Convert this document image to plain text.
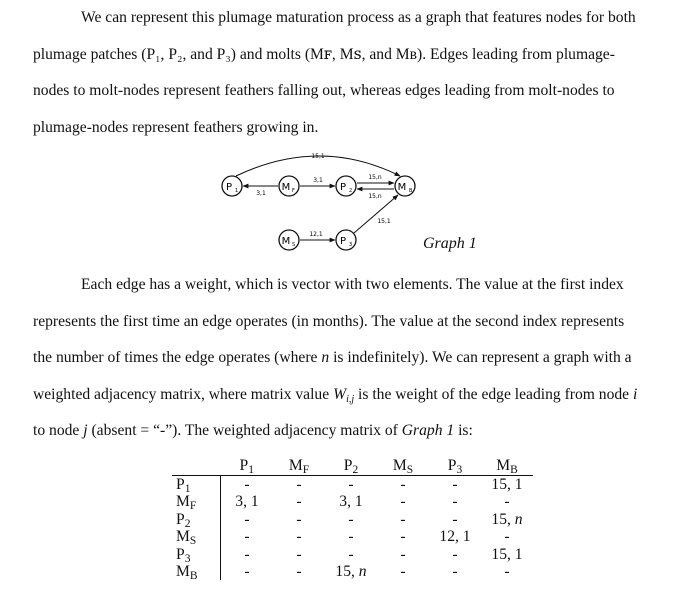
We can represent this plumage maturation process as a graph that features nodes for both
plumage patches (P₁, P₂, and P₃) and molts (Mꜰ, Mꜱ, and Mʙ). Edges leading from plumage-
nodes to molt-nodes represent feathers falling out, whereas edges leading from molt-nodes to
plumage-nodes represent feathers growing in.
P 1	M F	P 2	M B
M S	P 3
3,1
3,1
15,1
15,n
15,n
12,1
15,1
Graph 1
Each edge has a weight, which is vector with two elements. The value at the first index
represents the first time an edge operates (in months). The value at the second index represents
the number of times the edge operates (where n is indefinitely). We can represent a graph with a
weighted adjacency matrix, where matrix value $W_{i,j}$ is the weight of the edge leading from node i
to node j (absent = “-”). The weighted adjacency matrix of Graph 1 is:
	$P_1$	$M_F$	$P_2$	$M_S$	$P_3$	$M_B$
$P_1$	-	-	-	-	-	15, 1
$M_F$	3, 1	-	3, 1	-	-	-
$P_2$	-	-	-	-	-	15, n
$M_S$	-	-	-	-	12, 1	-
$P_3$	-	-	-	-	-	15, 1
$M_B$	-	-	15, n	-	-	-
